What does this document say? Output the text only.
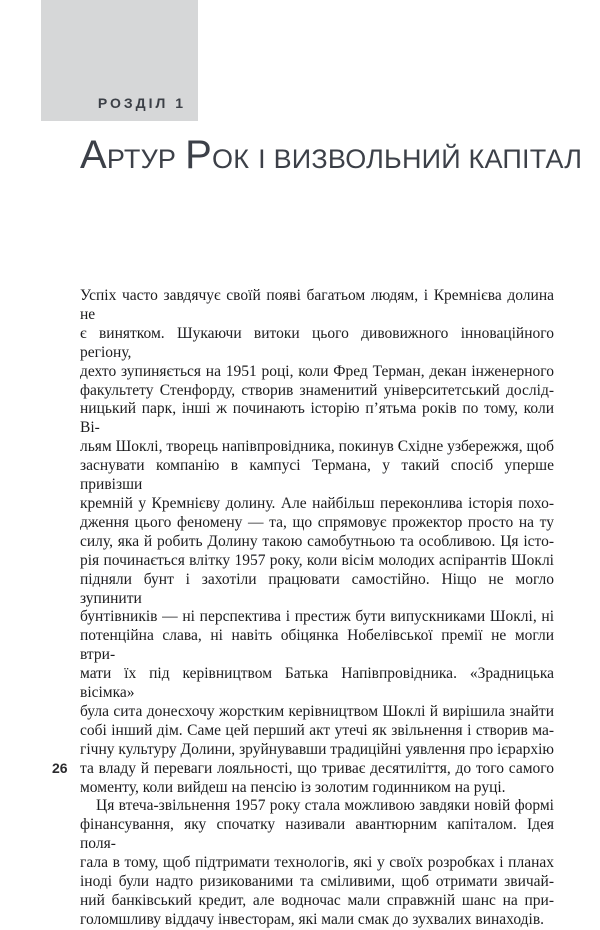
РОЗДІЛ 1
АРТУР РОК І ВИЗВОЛЬНИЙ КАПІТАЛ
Успіх часто завдячує своїй появі багатьом людям, і Кремнієва долина не
є винятком. Шукаючи витоки цього дивовижного інноваційного регіону,
дехто зупиняється на 1951 році, коли Фред Терман, декан інженерного
факультету Стенфорду, створив знаменитий університетський дослід-
ницький парк, інші ж починають історію п’ятьма років по тому, коли Ві-
льям Шоклі, творець напівпровідника, покинув Східне узбережжя, щоб
заснувати компанію в кампусі Термана, у такий спосіб уперше привізши
кремній у Кремнієву долину. Але найбільш переконлива історія похо-
дження цього феномену — та, що спрямовує прожектор просто на ту
силу, яка й робить Долину такою самобутньою та особливою. Ця істо-
рія починається влітку 1957 року, коли вісім молодих аспірантів Шоклі
підняли бунт і захотіли працювати самостійно. Ніщо не могло зупинити
бунтівників — ні перспектива і престиж бути випускниками Шоклі, ні
потенційна слава, ні навіть обіцянка Нобелівської премії не могли втри-
мати їх під керівництвом Батька Напівпровідника. «Зрадницька вісімка»
була сита донесхочу жорстким керівництвом Шоклі й вирішила знайти
собі інший дім. Саме цей перший акт утечі як звільнення і створив ма-
гічну культуру Долини, зруйнувавши традиційні уявлення про ієрархію
та владу й переваги лояльності, що триває десятиліття, до того самого
моменту, коли вийдеш на пенсію із золотим годинником на руці.
Ця втеча-звільнення 1957 року стала можливою завдяки новій формі
фінансування, яку спочатку називали авантюрним капіталом. Ідея поля-
гала в тому, щоб підтримати технологів, які у своїх розробках і планах
іноді були надто ризикованими та сміливими, щоб отримати звичай-
ний банківський кредит, але водночас мали справжній шанс на при-
голомшливу віддачу інвесторам, які мали смак до зухвалих винаходів.
26
